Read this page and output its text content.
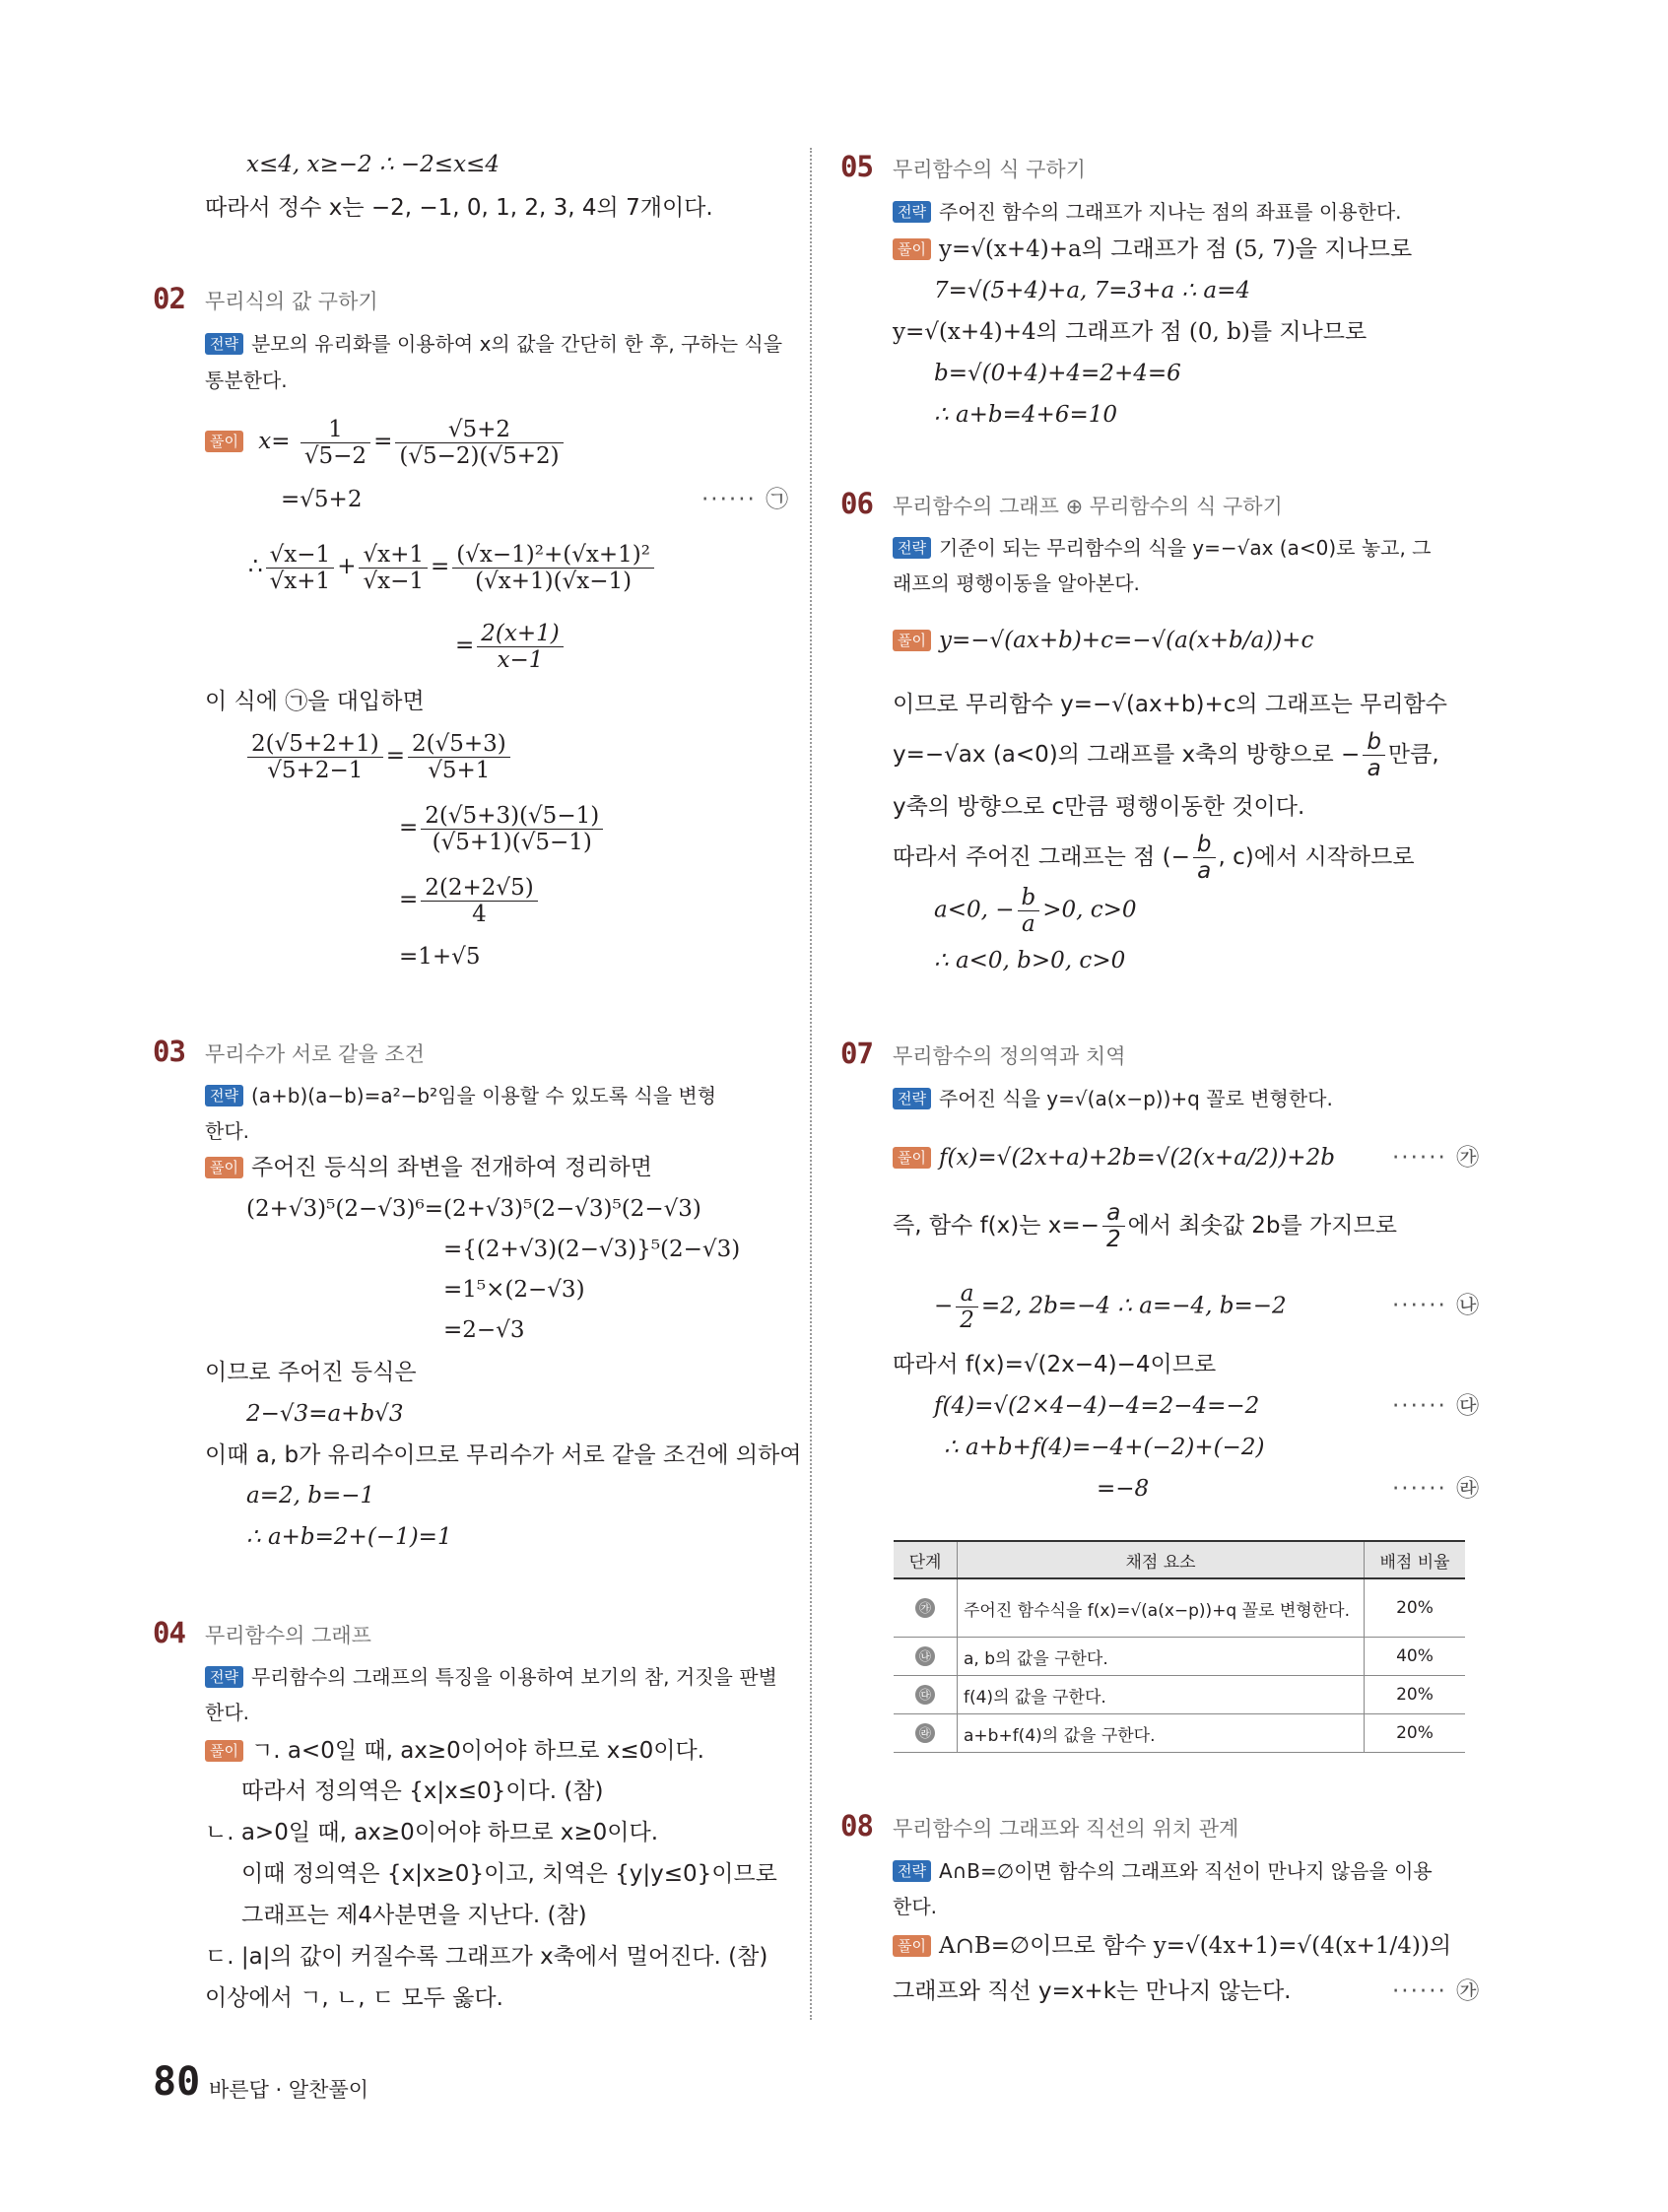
x≤4, x≥−2 ∴ −2≤x≤4
따라서 정수 x는 −2, −1, 0, 1, 2, 3, 4의 7개이다.
02 무리식의 값 구하기
전략 분모의 유리화를 이용하여 x의 값을 간단히 한 후, 구하는 식을
통분한다.
풀이 $x= \frac{1}{√5-2} = \frac{√5+2}{(√5-2)(√5+2)}$
=√5+2	······ ㉠
∴ $\frac{√x-1}{√x+1} + \frac{√x+1}{√x-1} = \frac{\text{(√x−1)²+(√x+1)²}}{(√x+1)(√x-1)}$
= $\frac{2(x+1)}{x-1}$
이 식에 ㉠을 대입하면
$\frac{2(√5+2+1)}{√5+2-1} = \frac{2(√5+3)}{√5+1}$
= $\frac{2(√5+3)(√5-1)}{(√5+1)(√5-1)}$
= $\frac{2(2+2√5)}{4}$
=1+√5
03 무리수가 서로 같을 조건
전략 (a+b)(a−b)=a²−b²임을 이용할 수 있도록 식을 변형
한다.
풀이 주어진 등식의 좌변을 전개하여 정리하면
(2+√3)⁵(2−√3)⁶=(2+√3)⁵(2−√3)⁵(2−√3)
={(2+√3)(2−√3)}⁵(2−√3)
=1⁵×(2−√3)
=2−√3
이므로 주어진 등식은
2−√3=a+b√3
이때 a, b가 유리수이므로 무리수가 서로 같을 조건에 의하여
a=2, b=−1
∴ a+b=2+(−1)=1
04 무리함수의 그래프
전략 무리함수의 그래프의 특징을 이용하여 보기의 참, 거짓을 판별
한다.
풀이 ㄱ. a<0일 때, ax≥0이어야 하므로 x≤0이다.
따라서 정의역은 {x|x≤0}이다. (참)
ㄴ. a>0일 때, ax≥0이어야 하므로 x≥0이다.
이때 정의역은 {x|x≥0}이고, 치역은 {y|y≤0}이므로
그래프는 제4사분면을 지난다. (참)
ㄷ. |a|의 값이 커질수록 그래프가 x축에서 멀어진다. (참)
이상에서 ㄱ, ㄴ, ㄷ 모두 옳다.
05 무리함수의 식 구하기
전략 주어진 함수의 그래프가 지나는 점의 좌표를 이용한다.
풀이 y=√(x+4)+a의 그래프가 점 (5, 7)을 지나므로
7=√(5+4)+a, 7=3+a ∴ a=4
y=√(x+4)+4의 그래프가 점 (0, b)를 지나므로
b=√(0+4)+4=2+4=6
∴ a+b=4+6=10
06 무리함수의 그래프 ⊕ 무리함수의 식 구하기
전략 기준이 되는 무리함수의 식을 y=−√ax (a<0)로 놓고, 그
래프의 평행이동을 알아본다.
풀이 y=−√(ax+b)+c=−√(a(x+b/a))+c
이므로 무리함수 y=−√(ax+b)+c의 그래프는 무리함수
y=−√ax (a<0)의 그래프를 x축의 방향으로 − $\frac{b}{a}$ 만큼,
y축의 방향으로 c만큼 평행이동한 것이다.
따라서 주어진 그래프는 점 (− $\frac{b}{a}$ , c)에서 시작하므로
a<0, − $\frac{b}{a} >0$, c>0
∴ a<0, b>0, c>0
07 무리함수의 정의역과 치역
전략 주어진 식을 y=√(a(x−p))+q 꼴로 변형한다.
풀이 f(x)=√(2x+a)+2b=√(2(x+a/2))+2b	······ ㉮
즉, 함수 f(x)는 $x=- \frac{a}{2}$ 에서 최솟값 2b를 가지므로
− $\frac{a}{2} =2$, 2b=−4 ∴ a=−4, b=−2	······ ㉯
따라서 f(x)=√(2x−4)−4이므로
f(4)=√(2×4−4)−4=2−4=−2	······ ㉰
∴ a+b+f(4)=−4+(−2)+(−2)
=−8	······ ㉱
08 무리함수의 그래프와 직선의 위치 관계
전략 A∩B=∅이면 함수의 그래프와 직선이 만나지 않음을 이용
한다.
풀이 A∩B=∅이므로 함수 y=√(4x+1)=√(4(x+1/4))의
그래프와 직선 y=x+k는 만나지 않는다.	······ ㉮
단계	채점 요소	배점 비율
㉮	주어진 함수식을 f(x)=√(a(x−p))+q 꼴로 변형한다.	20%
㉯	a, b의 값을 구한다.	40%
㉰	f(4)의 값을 구한다.	20%
㉱	a+b+f(4)의 값을 구한다.	20%
80 바른답 · 알찬풀이
